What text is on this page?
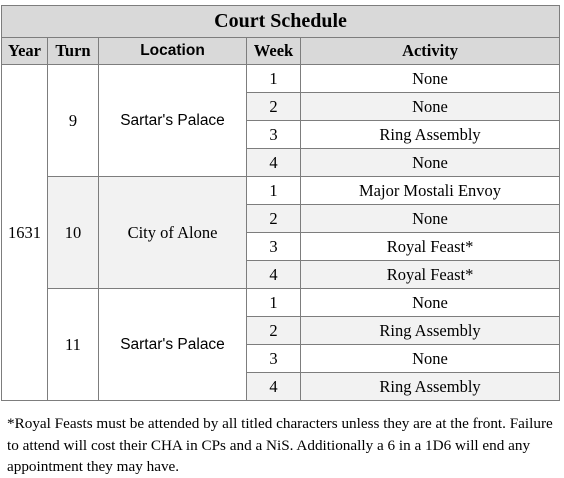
Court Schedule				
Year	Turn	Location	Week	Activity
1631	9	Sartar's Palace	1	None
			2	None
			3	Ring Assembly
			4	None
	10	City of Alone	1	Major Mostali Envoy
			2	None
			3	Royal Feast*
			4	Royal Feast*
	11	Sartar's Palace	1	None
			2	Ring Assembly
			3	None
			4	Ring Assembly

*Royal Feasts must be attended by all titled characters unless they are at the front. Failure to attend will cost their CHA in CPs and a NiS. Additionally a 6 in a 1D6 will end any appointment they may have.
